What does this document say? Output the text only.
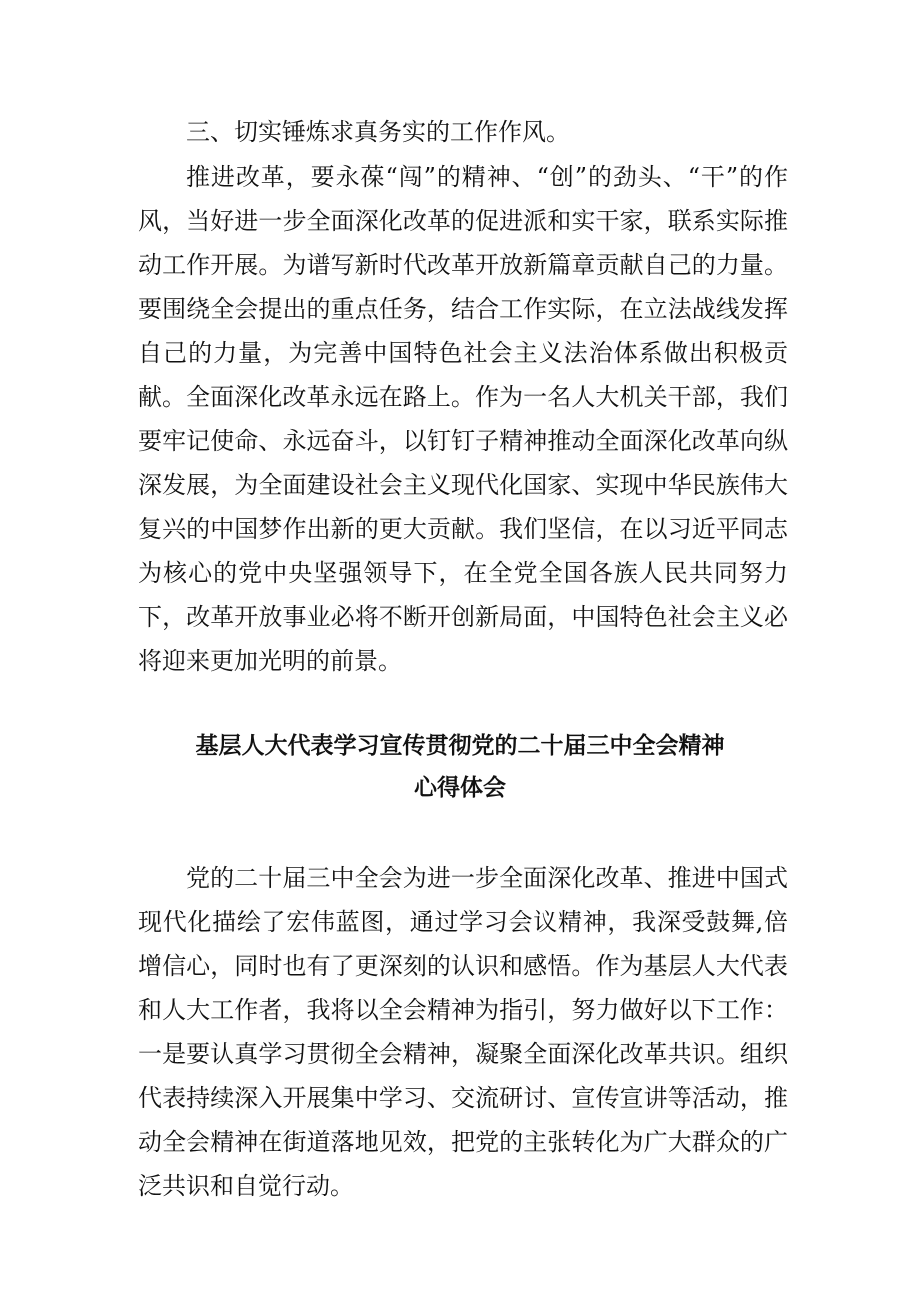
三、切实锤炼求真务实的工作作风。

推进改革，要永葆“闯”的精神、“创”的劲头、“干”的作风，当好进一步全面深化改革的促进派和实干家，联系实际推动工作开展。为谱写新时代改革开放新篇章贡献自己的力量。要围绕全会提出的重点任务，结合工作实际，在立法战线发挥自己的力量，为完善中国特色社会主义法治体系做出积极贡献。 全面深化改革永远在路上。作为一名人大机关干部，我们要牢记使命、永远奋斗，以钉钉子精神推动全面深化改革向纵深发展，为全面建设社会主义现代化国家、实现中华民族伟大复兴的中国梦作出新的更大贡献。我们坚信，在以习近平同志为核心的党中央坚强领导下，在全党全国各族人民共同努力下，改革开放事业必将不断开创新局面，中国特色社会主义必将迎来更加光明的前景。

基层人大代表学习宣传贯彻党的二十届三中全会精神

心得体会

党的二十届三中全会为进一步全面深化改革、推进中国式现代化描绘了宏伟蓝图，通过学习会议精神，我深受鼓舞,倍增信心，同时也有了更深刻的认识和感悟。作为基层人大代表和人大工作者，我将以全会精神为指引，努力做好以下工作：一是要认真学习贯彻全会精神，凝聚全面深化改革共识。组织代表持续深入开展集中学习、交流研讨、宣传宣讲等活动，推动全会精神在街道落地见效，把党的主张转化为广大群众的广泛共识和自觉行动。
